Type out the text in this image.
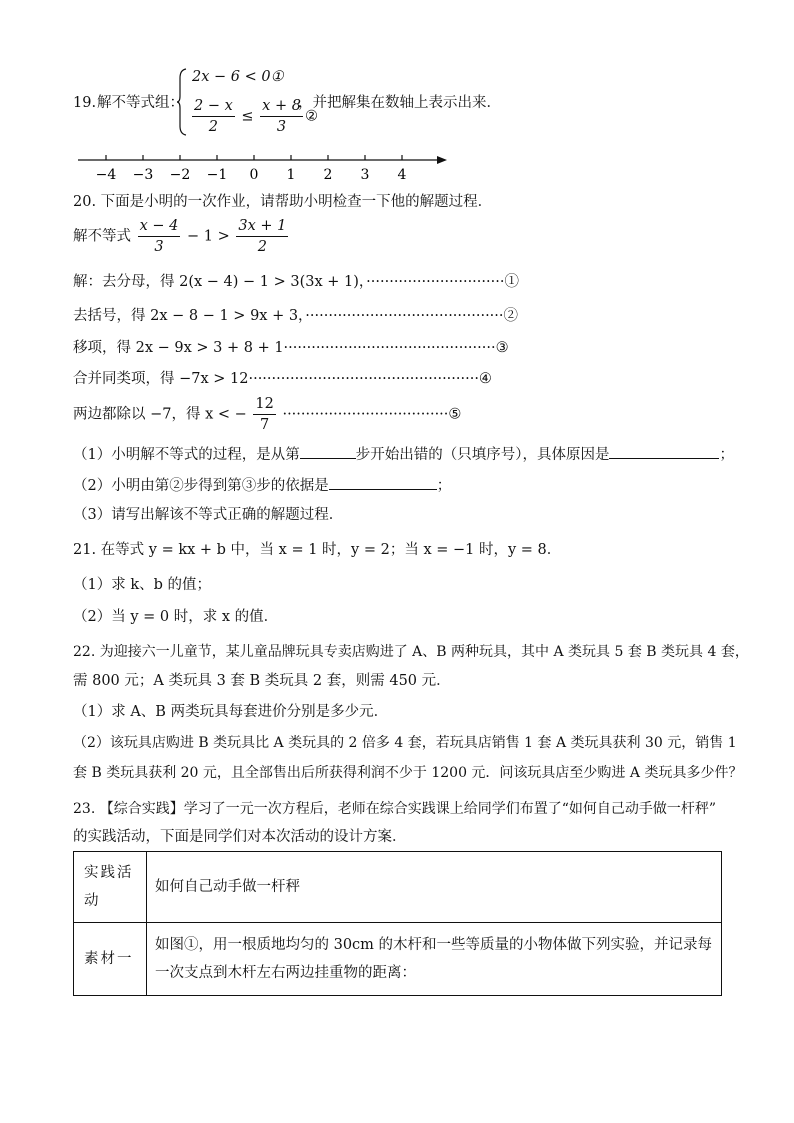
19. 解不等式组：
2x − 6 < 0①
$\frac{2 - x}{2} \le \frac{x + 8}{3}$ ②
，并把解集在数轴上表示出来．
−4 −3 −2 −1 0 1 2 3 4
20. 下面是小明的一次作业，请帮助小明检查一下他的解题过程．
解不等式 $\frac{x - 4}{3} - 1 > \frac{3x + 1}{2}$
解：去分母，得 2(x − 4) − 1 > 3(3x + 1)，······························①
去括号，得 2x − 8 − 1 > 9x + 3，···········································②
移项，得 2x − 9x > 3 + 8 + 1··············································③
合并同类项，得 −7x > 12··················································④
两边都除以 −7，得 x < − $\frac{12}{7}$ ····································⑤
（1）小明解不等式的过程，是从第	步开始出错的（只填序号），具体原因是	；
（2）小明由第②步得到第③步的依据是	；
（3）请写出解该不等式正确的解题过程．
21. 在等式 y = kx + b 中，当 x = 1 时，y = 2；当 x = −1 时，y = 8．
（1）求 k、b 的值；
（2）当 y = 0 时，求 x 的值．
22. 为迎接六一儿童节，某儿童品牌玩具专卖店购进了 A、B 两种玩具，其中 A 类玩具 5 套 B 类玩具 4 套，
需 800 元；A 类玩具 3 套 B 类玩具 2 套，则需 450 元．
（1）求 A、B 两类玩具每套进价分别是多少元．
（2）该玩具店购进 B 类玩具比 A 类玩具的 2 倍多 4 套，若玩具店销售 1 套 A 类玩具获利 30 元，销售 1
套 B 类玩具获利 20 元，且全部售出后所获得利润不少于 1200 元．问该玩具店至少购进 A 类玩具多少件？
23. 【综合实践】学习了一元一次方程后，老师在综合实践课上给同学们布置了“如何自己动手做一杆秤”
的实践活动，下面是同学们对本次活动的设计方案．
实践活动	如何自己动手做一杆秤
素材一	如图①，用一根质地均匀的 30cm 的木杆和一些等质量的小物体做下列实验，并记录每一次支点到木杆左右两边挂重物的距离：
